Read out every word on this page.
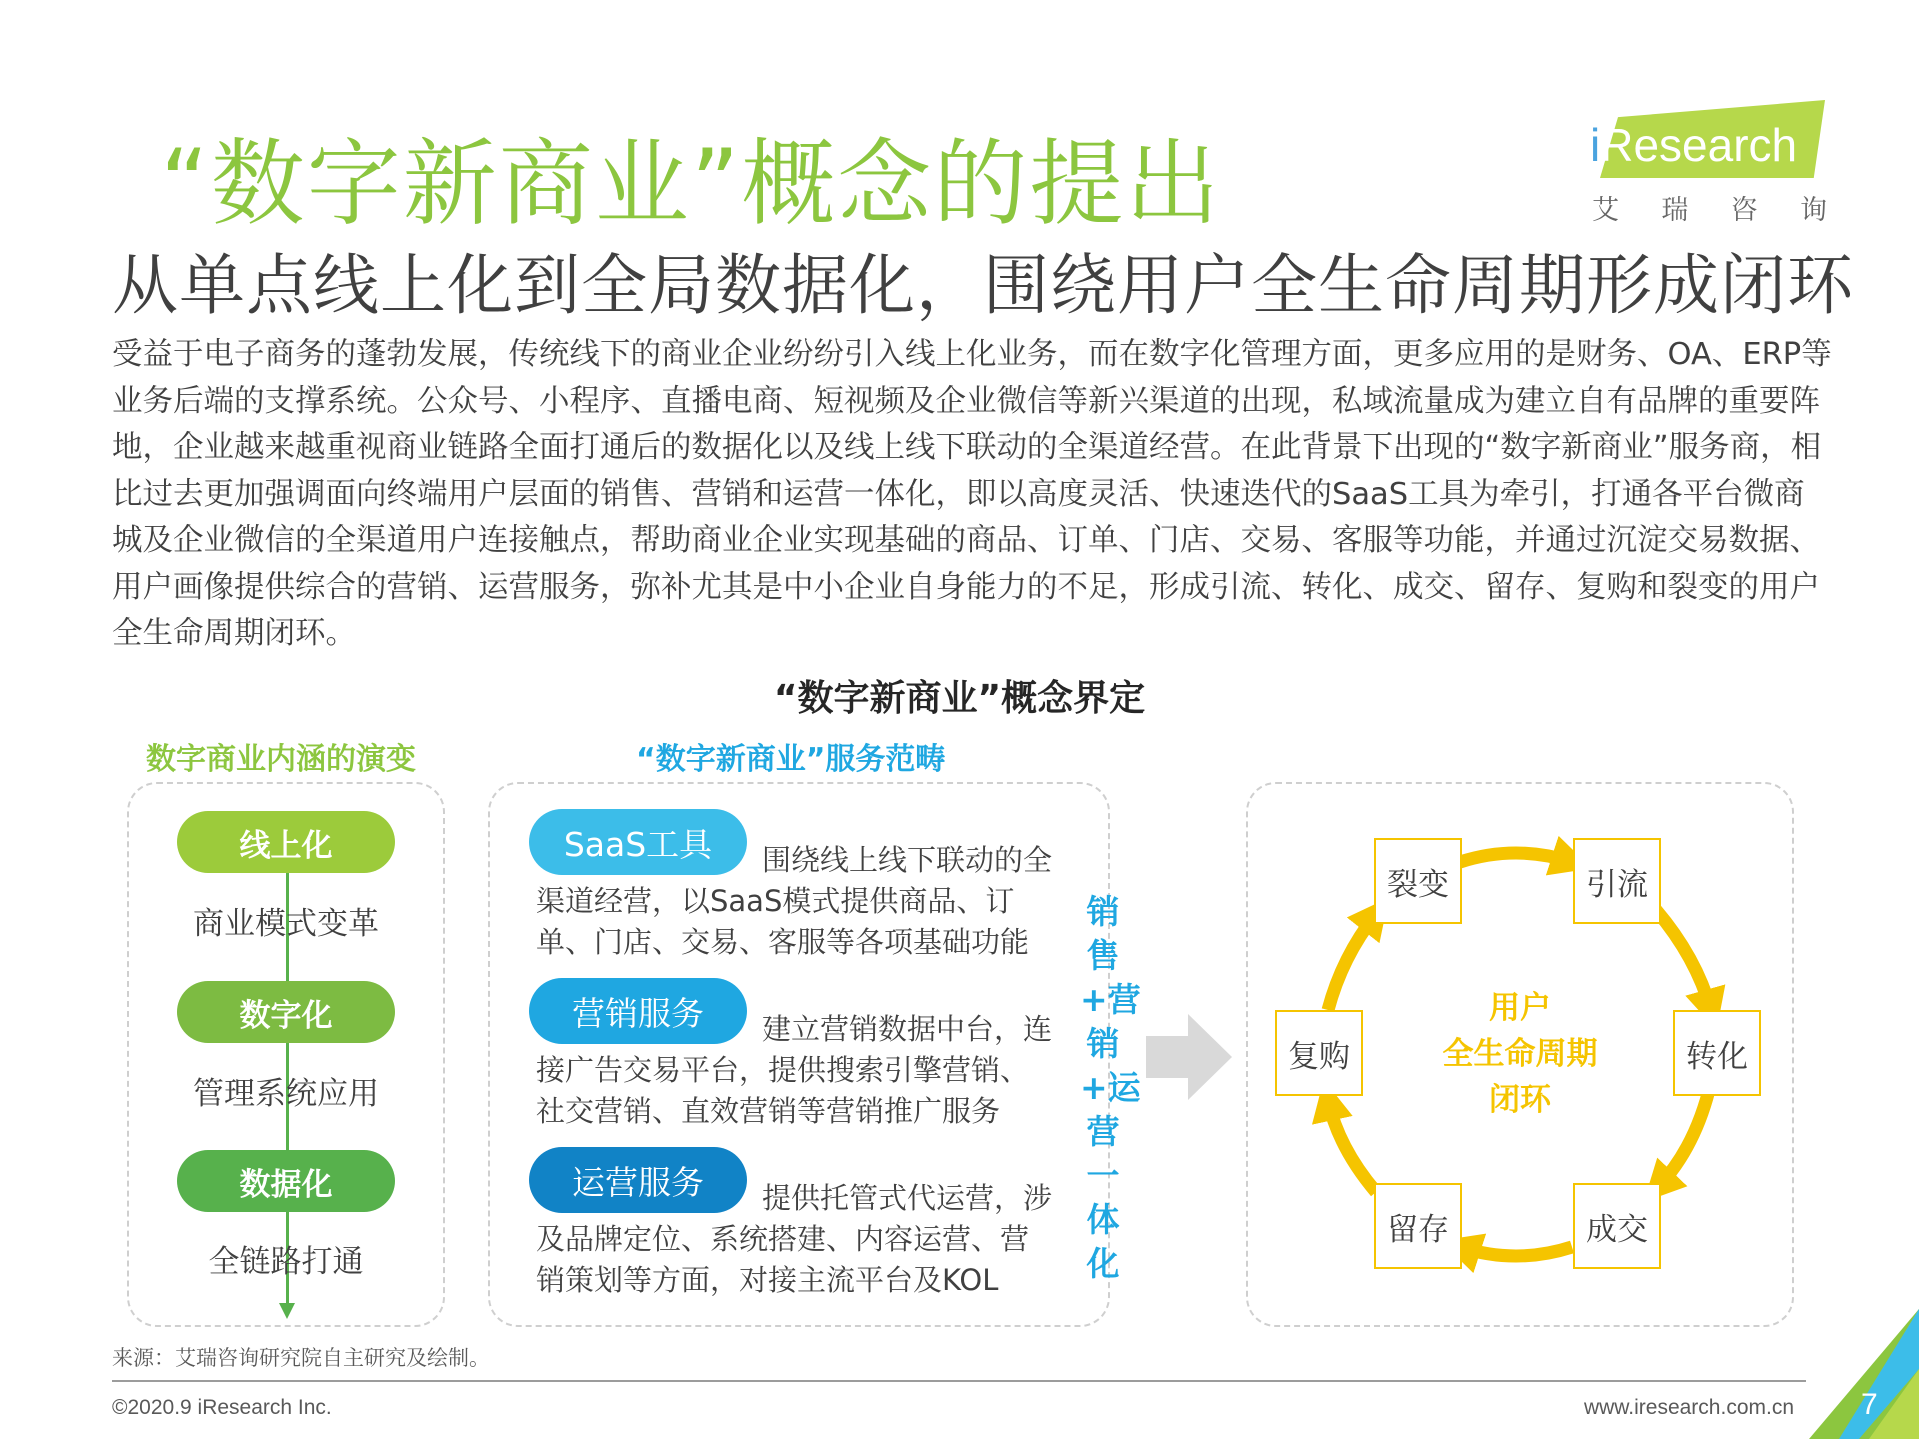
“数字新商业”概念的提出
从单点线上化到全局数据化，围绕用户全生命周期形成闭环
iResearch
艾 瑞 咨 询
受益于电子商务的蓬勃发展，传统线下的商业企业纷纷引入线上化业务，而在数字化管理方面，更多应用的是财务、OA、ERP等业务后端的支撑系统。公众号、小程序、直播电商、短视频及企业微信等新兴渠道的出现，私域流量成为建立自有品牌的重要阵地，企业越来越重视商业链路全面打通后的数据化以及线上线下联动的全渠道经营。在此背景下出现的“数字新商业”服务商，相比过去更加强调面向终端用户层面的销售、营销和运营一体化，即以高度灵活、快速迭代的SaaS工具为牵引，打通各平台微商城及企业微信的全渠道用户连接触点，帮助商业企业实现基础的商品、订单、门店、交易、客服等功能，并通过沉淀交易数据、用户画像提供综合的营销、运营服务，弥补尤其是中小企业自身能力的不足，形成引流、转化、成交、留存、复购和裂变的用户全生命周期闭环。
“数字新商业”概念界定
数字商业内涵的演变	“数字新商业”服务范畴
线上化
商业模式变革
数字化
管理系统应用
数据化
全链路打通
SaaS工具	围绕线上线下联动的全渠道经营，以SaaS模式提供商品、订单、门店、交易、客服等各项基础功能
营销服务	建立营销数据中台，连接广告交易平台，提供搜索引擎营销、社交营销、直效营销等营销推广服务
运营服务	提供托管式代运营，涉及品牌定位、系统搭建、内容运营、营销策划等方面，对接主流平台及KOL
销售+营销+运营一体化
裂变	引流
转化
成交
留存
复购
用户
全生命周期
闭环
来源：艾瑞咨询研究院自主研究及绘制。
©2020.9 iResearch Inc.	www.iresearch.com.cn 7
